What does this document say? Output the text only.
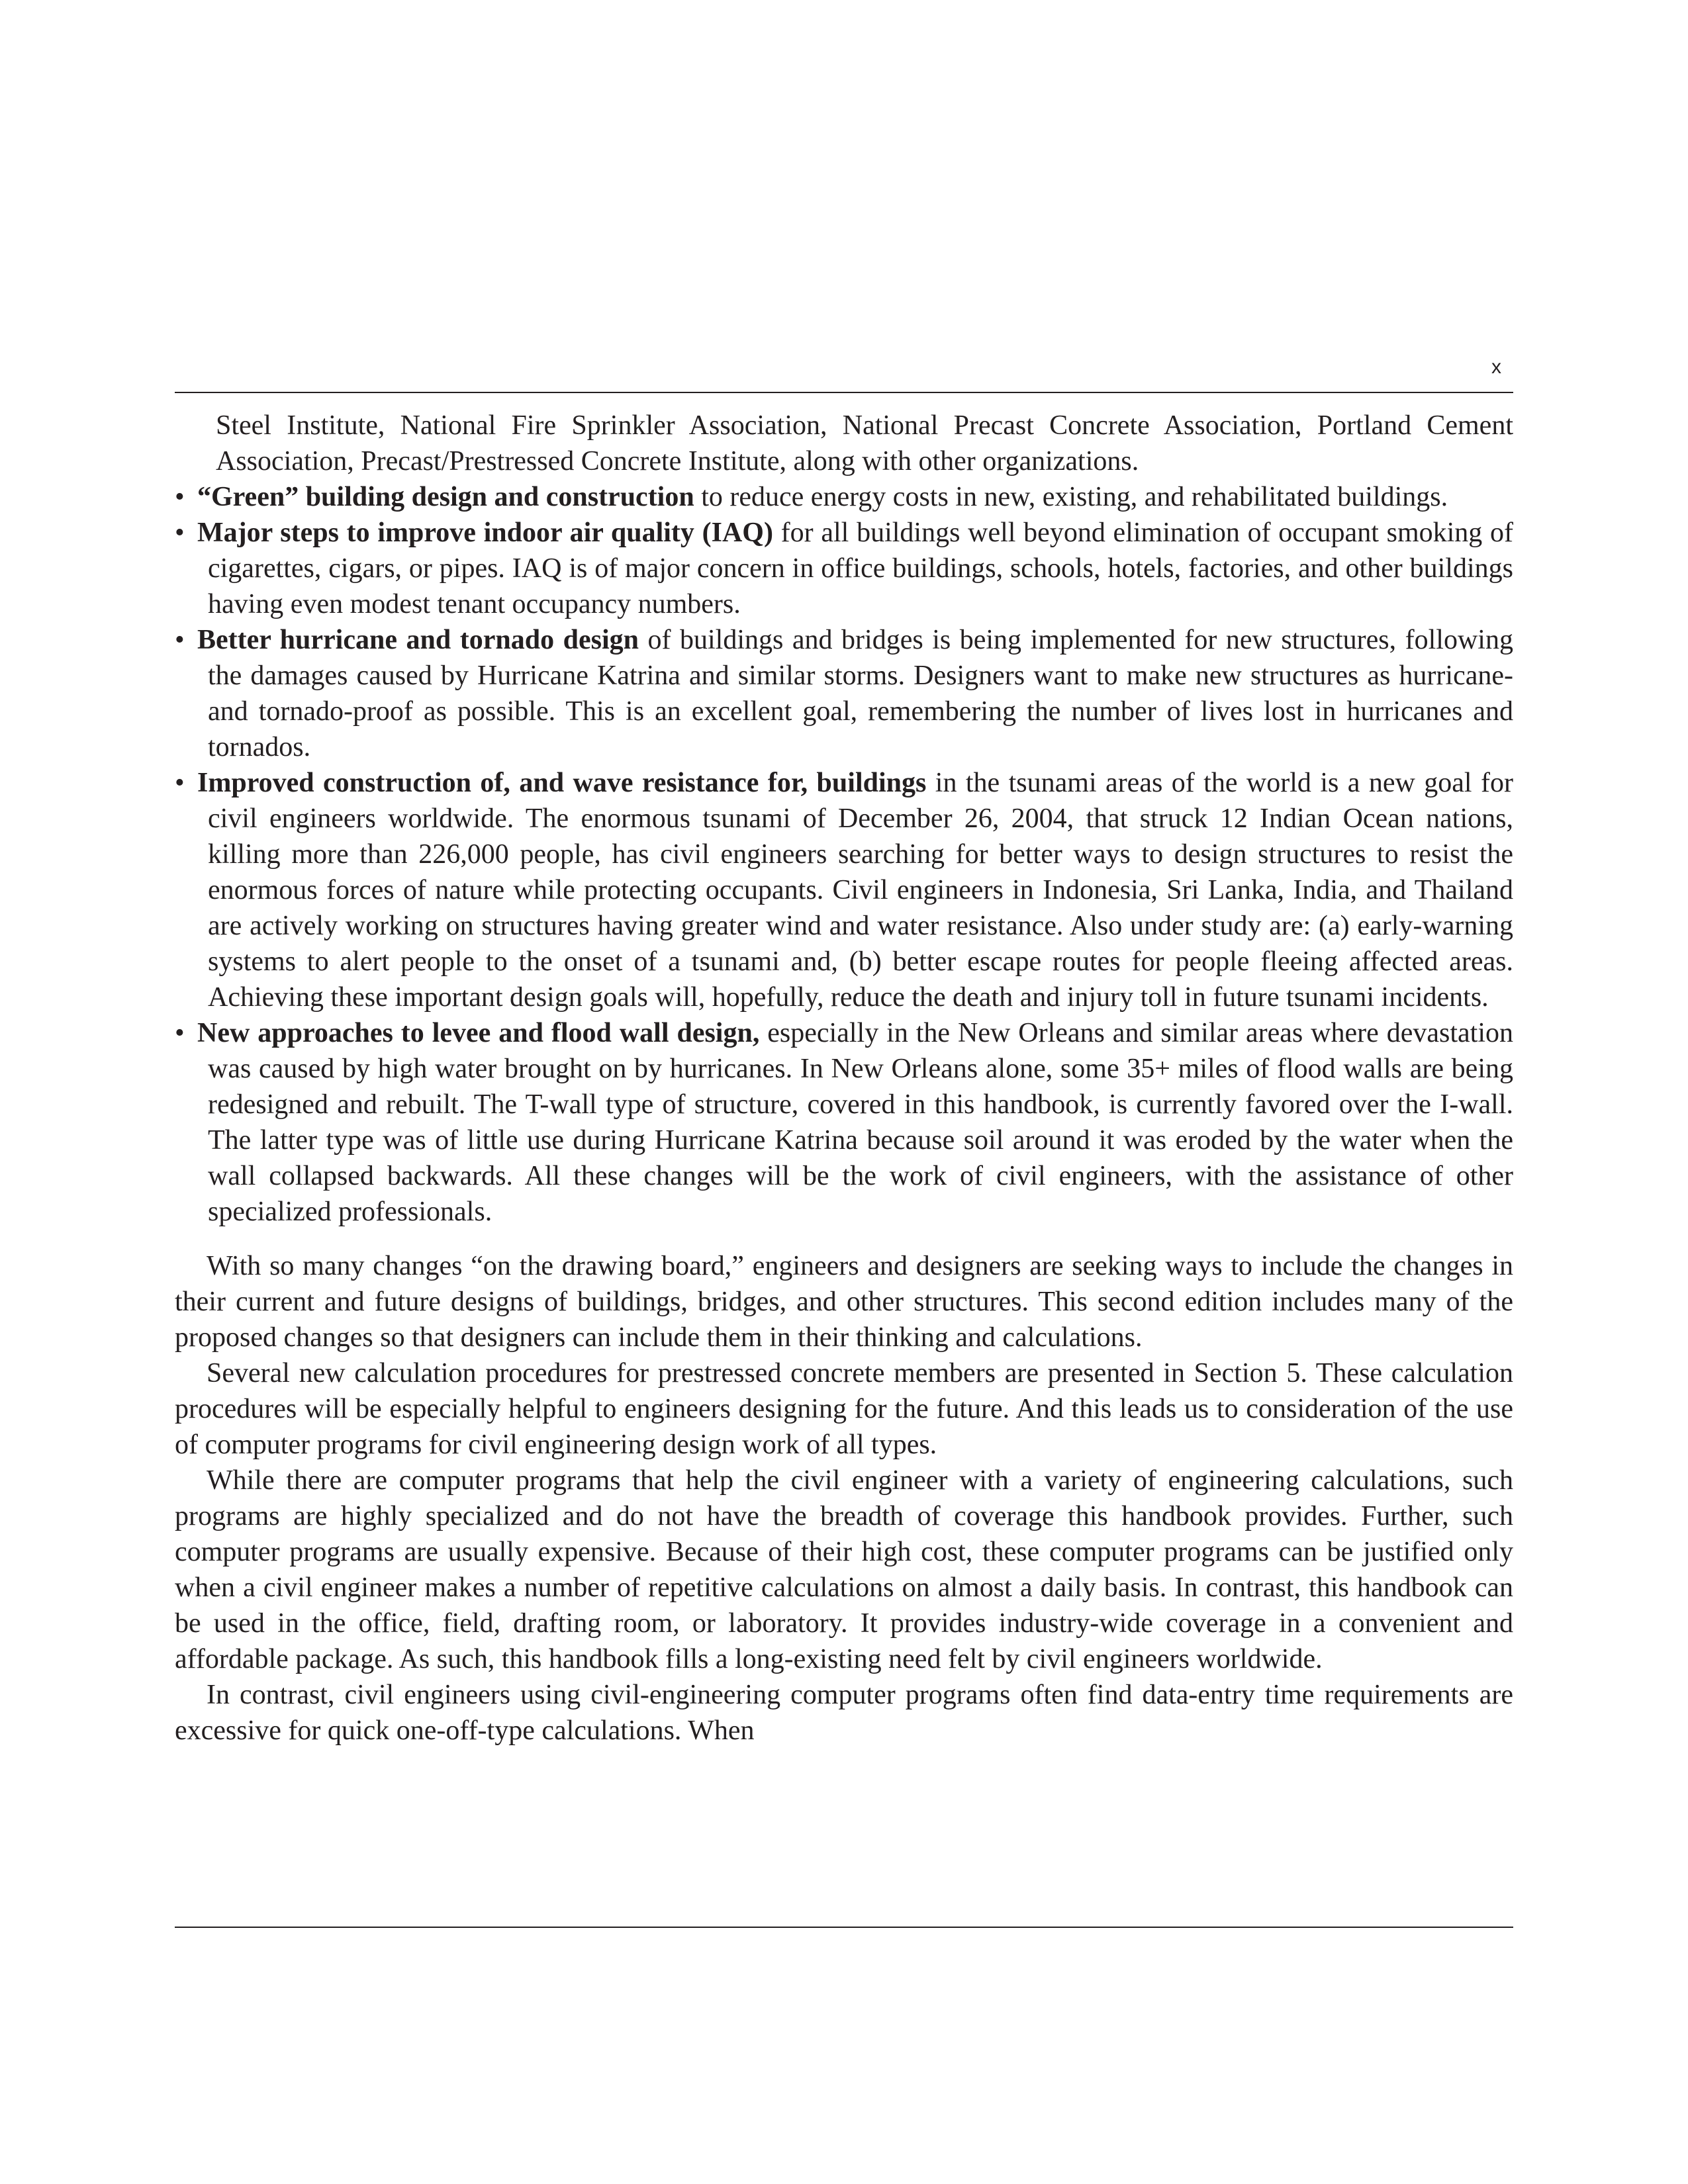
x

Steel Institute, National Fire Sprinkler Association, National Precast Concrete Association, Portland Cement Association, Precast/Prestressed Concrete Institute, along with other organizations.

• “Green” building design and construction to reduce energy costs in new, existing, and rehabilitated buildings.
• Major steps to improve indoor air quality (IAQ) for all buildings well beyond elimination of occupant smoking of cigarettes, cigars, or pipes. IAQ is of major concern in office buildings, schools, hotels, factories, and other buildings having even modest tenant occupancy numbers.
• Better hurricane and tornado design of buildings and bridges is being implemented for new structures, following the damages caused by Hurricane Katrina and similar storms. Designers want to make new structures as hurricane- and tornado-proof as possible. This is an excellent goal, remembering the number of lives lost in hurricanes and tornados.
• Improved construction of, and wave resistance for, buildings in the tsunami areas of the world is a new goal for civil engineers worldwide. The enormous tsunami of December 26, 2004, that struck 12 Indian Ocean nations, killing more than 226,000 people, has civil engineers searching for better ways to design structures to resist the enormous forces of nature while protecting occupants. Civil engineers in Indonesia, Sri Lanka, India, and Thailand are actively working on structures having greater wind and water resistance. Also under study are: (a) early-warning systems to alert people to the onset of a tsunami and, (b) better escape routes for people fleeing affected areas. Achieving these important design goals will, hopefully, reduce the death and injury toll in future tsunami incidents.
• New approaches to levee and flood wall design, especially in the New Orleans and similar areas where devastation was caused by high water brought on by hurricanes. In New Orleans alone, some 35+ miles of flood walls are being redesigned and rebuilt. The T-wall type of structure, covered in this handbook, is currently favored over the I-wall. The latter type was of little use during Hurricane Katrina because soil around it was eroded by the water when the wall collapsed backwards. All these changes will be the work of civil engineers, with the assistance of other specialized professionals.

With so many changes “on the drawing board,” engineers and designers are seeking ways to include the changes in their current and future designs of buildings, bridges, and other structures. This second edition includes many of the proposed changes so that designers can include them in their thinking and calculations.

Several new calculation procedures for prestressed concrete members are presented in Section 5. These calculation procedures will be especially helpful to engineers designing for the future. And this leads us to consideration of the use of computer programs for civil engineering design work of all types.

While there are computer programs that help the civil engineer with a variety of engineering calculations, such programs are highly specialized and do not have the breadth of coverage this handbook provides. Further, such computer programs are usually expensive. Because of their high cost, these computer programs can be justified only when a civil engineer makes a number of repetitive calculations on almost a daily basis. In contrast, this handbook can be used in the office, field, drafting room, or laboratory. It provides industry-wide coverage in a convenient and affordable package. As such, this handbook fills a long-existing need felt by civil engineers worldwide.

In contrast, civil engineers using civil-engineering computer programs often find data-entry time requirements are excessive for quick one-off-type calculations. When
